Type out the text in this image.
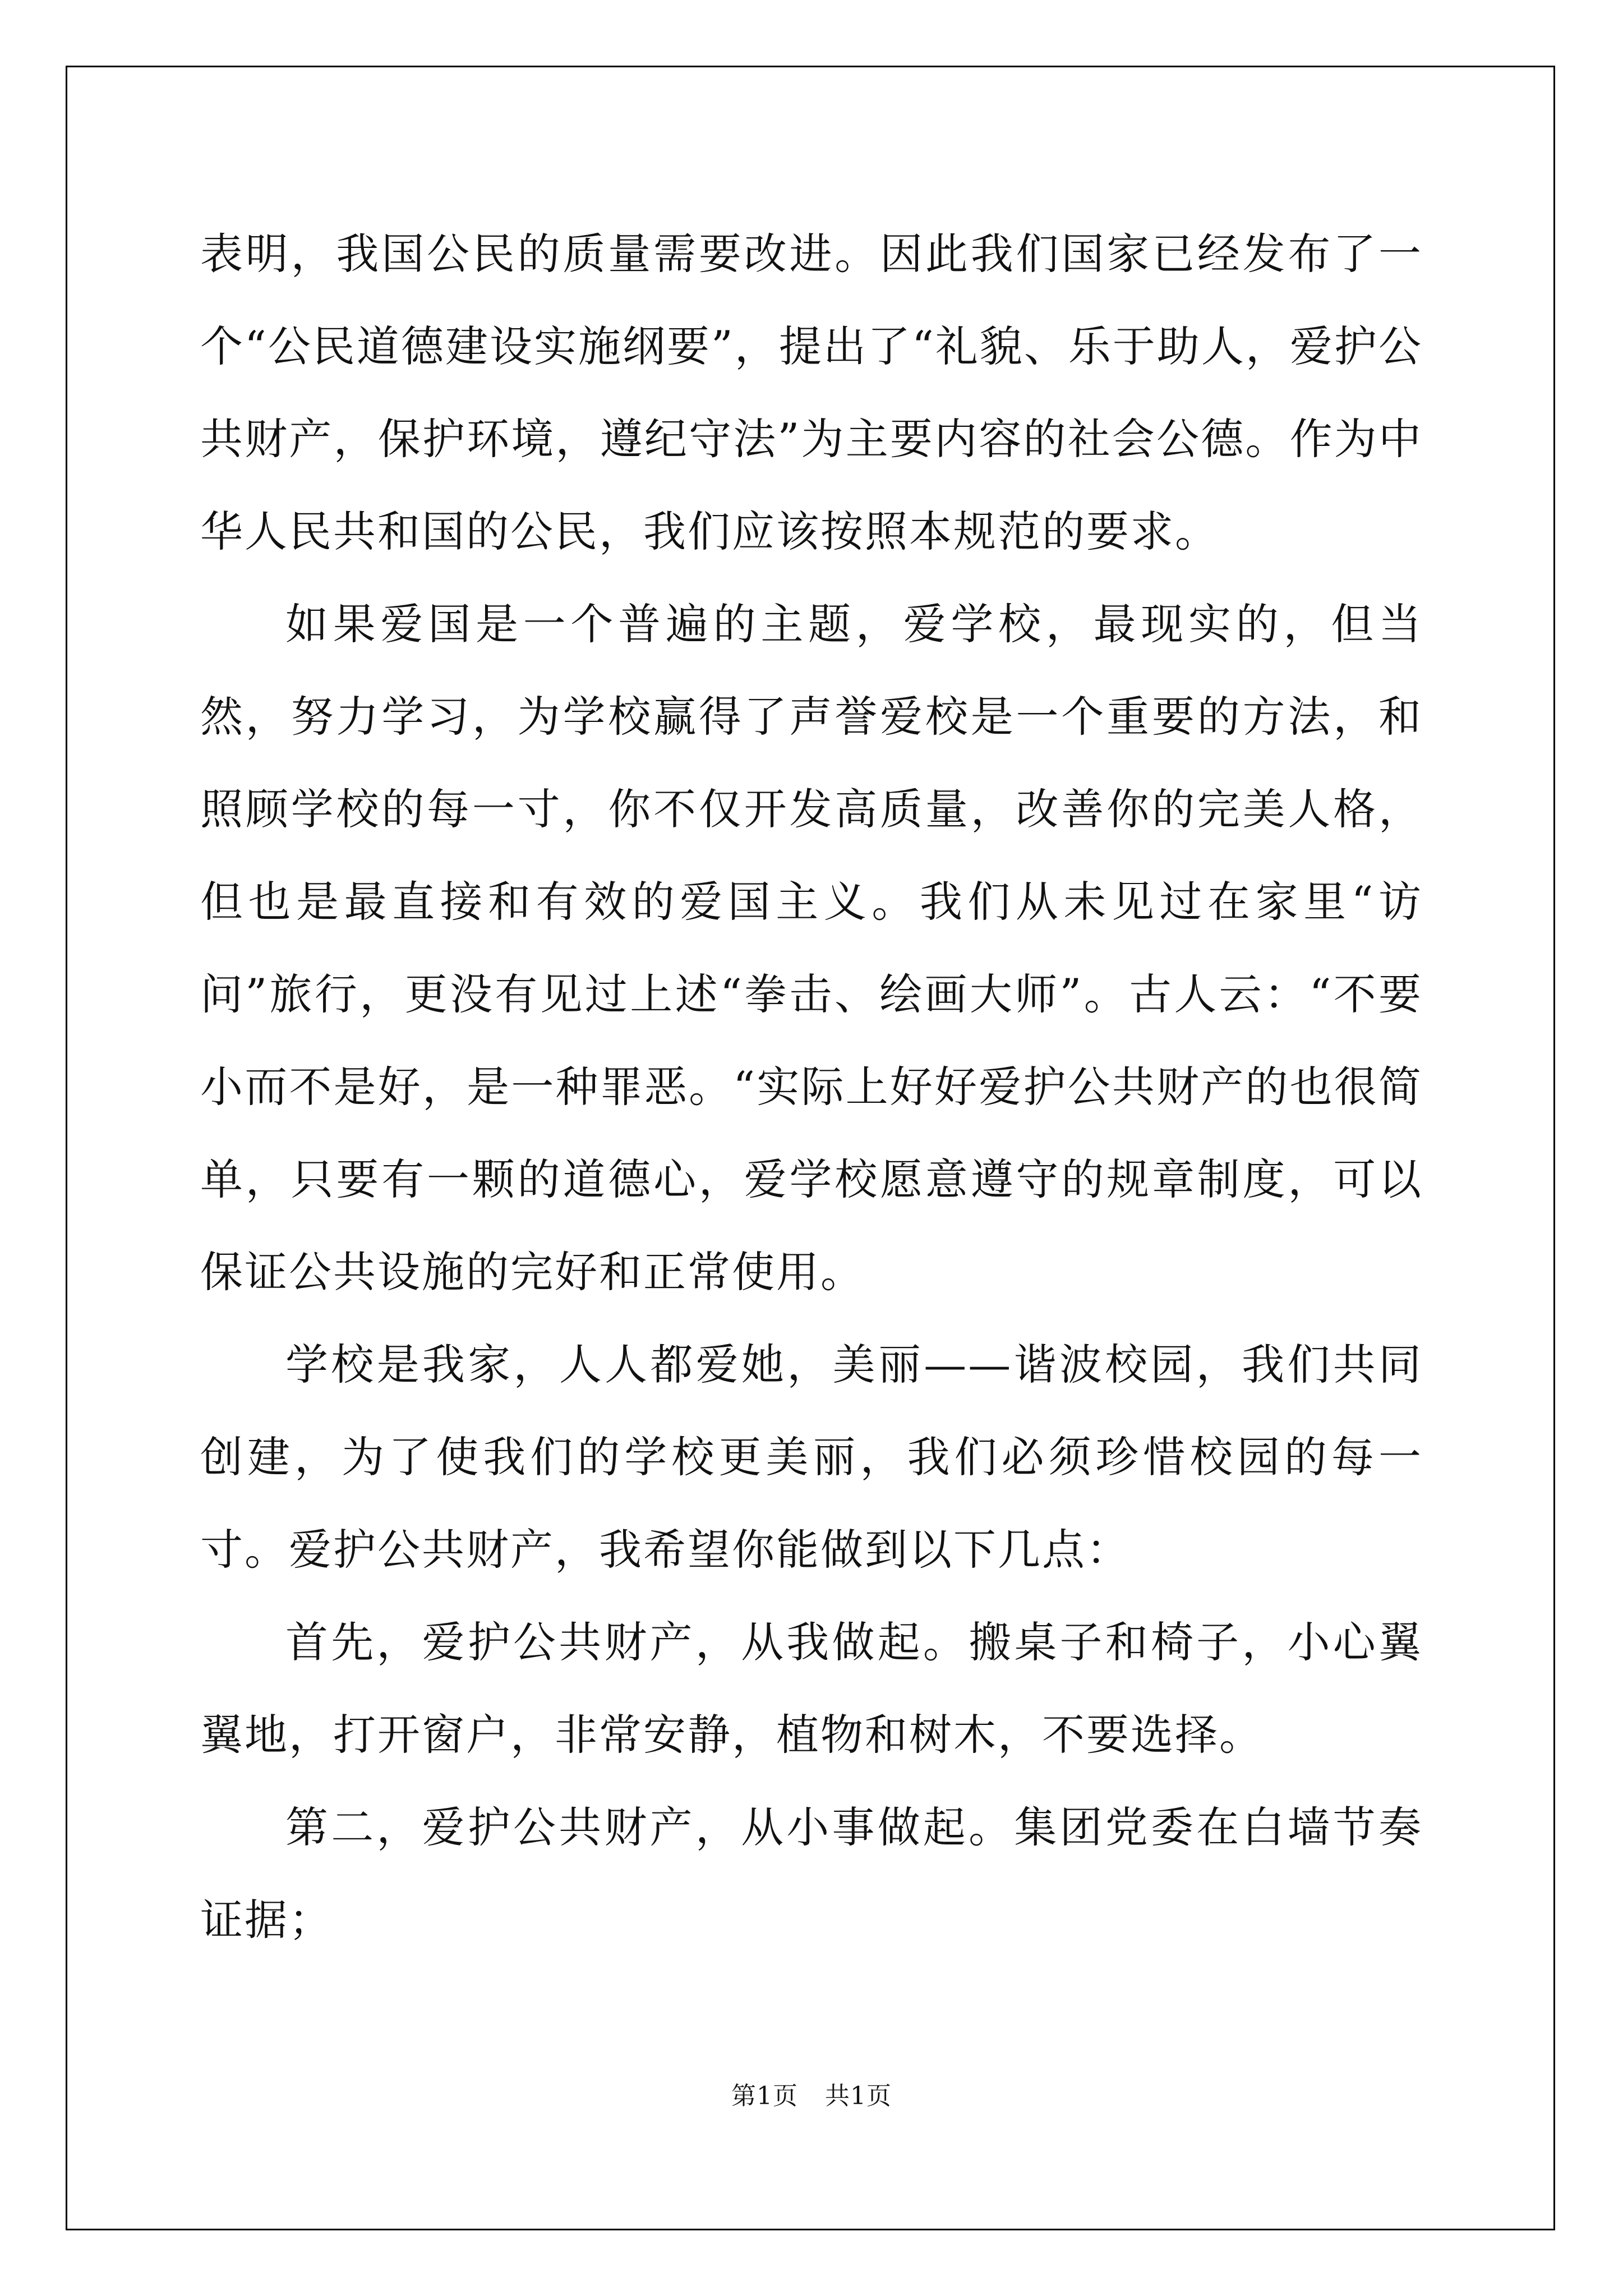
表明，我国公民的质量需要改进。因此我们国家已经发布了一个“公民道德建设实施纲要”，提出了“礼貌、乐于助人，爱护公共财产，保护环境，遵纪守法”为主要内容的社会公德。作为中华人民共和国的公民，我们应该按照本规范的要求。

如果爱国是一个普遍的主题，爱学校，最现实的，但当然，努力学习，为学校赢得了声誉爱校是一个重要的方法，和照顾学校的每一寸，你不仅开发高质量，改善你的完美人格，但也是最直接和有效的爱国主义。我们从未见过在家里“访问”旅行，更没有见过上述“拳击、绘画大师”。古人云：“不要小而不是好，是一种罪恶。“实际上好好爱护公共财产的也很简单，只要有一颗的道德心，爱学校愿意遵守的规章制度，可以保证公共设施的完好和正常使用。

学校是我家，人人都爱她，美丽——谐波校园，我们共同创建，为了使我们的学校更美丽，我们必须珍惜校园的每一寸。爱护公共财产，我希望你能做到以下几点：

首先，爱护公共财产，从我做起。搬桌子和椅子，小心翼翼地，打开窗户，非常安静，植物和树木，不要选择。

第二，爱护公共财产，从小事做起。集团党委在白墙节奏证据；

第1页 共1页
